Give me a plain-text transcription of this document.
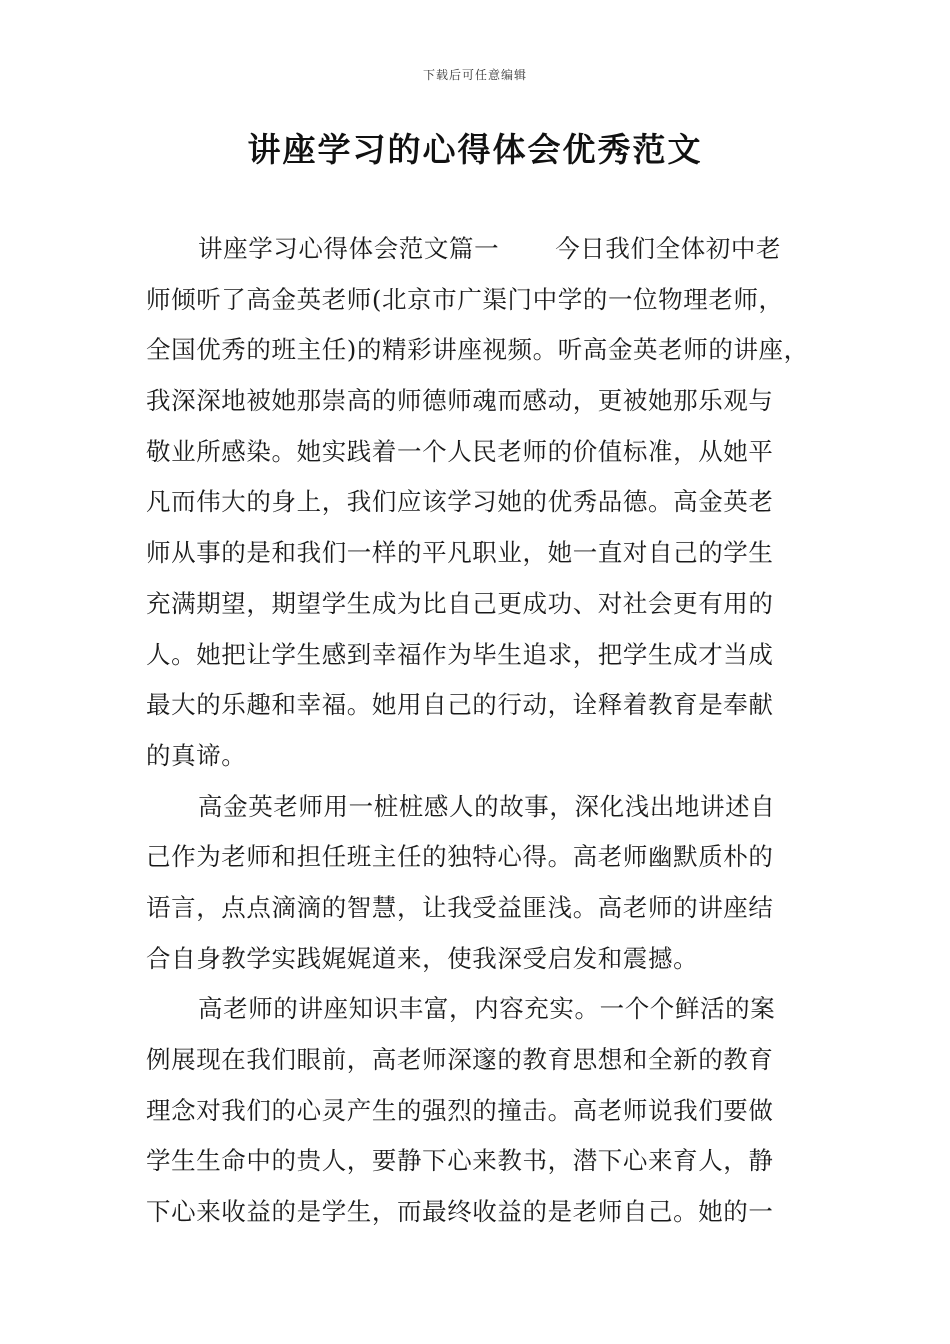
下载后可任意编辑
讲座学习的心得体会优秀范文
讲座学习心得体会范文篇一 今日我们全体初中老
师倾听了高金英老师(北京市广渠门中学的一位物理老师，
全国优秀的班主任)的精彩讲座视频。听高金英老师的讲座，
我深深地被她那崇高的师德师魂而感动，更被她那乐观与
敬业所感染。她实践着一个人民老师的价值标准，从她平
凡而伟大的身上，我们应该学习她的优秀品德。高金英老
师从事的是和我们一样的平凡职业，她一直对自己的学生
充满期望，期望学生成为比自己更成功、对社会更有用的
人。她把让学生感到幸福作为毕生追求，把学生成才当成
最大的乐趣和幸福。她用自己的行动，诠释着教育是奉献
的真谛。
高金英老师用一桩桩感人的故事，深化浅出地讲述自
己作为老师和担任班主任的独特心得。高老师幽默质朴的
语言，点点滴滴的智慧，让我受益匪浅。高老师的讲座结
合自身教学实践娓娓道来，使我深受启发和震撼。
高老师的讲座知识丰富，内容充实。一个个鲜活的案
例展现在我们眼前，高老师深邃的教育思想和全新的教育
理念对我们的心灵产生的强烈的撞击。高老师说我们要做
学生生命中的贵人，要静下心来教书，潜下心来育人，静
下心来收益的是学生，而最终收益的是老师自己。她的一
